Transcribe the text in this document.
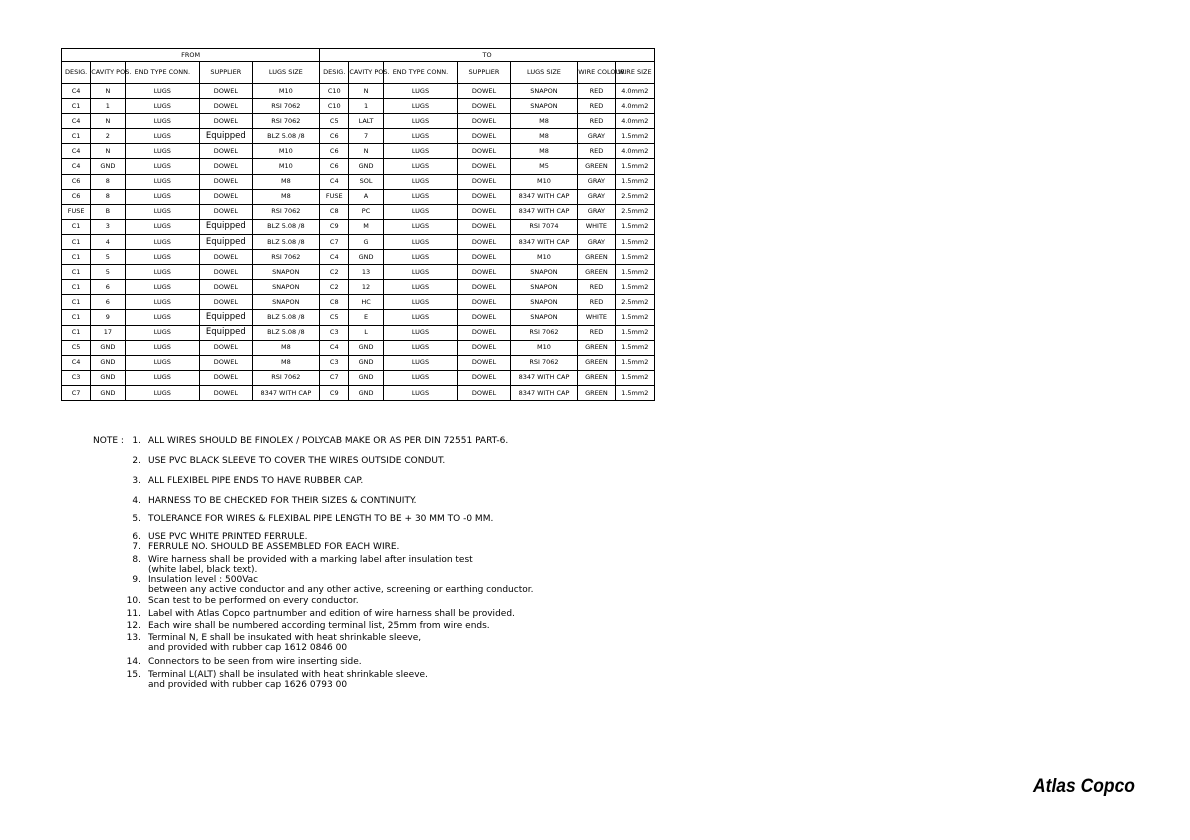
FROM					TO						
DESIG.	CAVITY POS.	END TYPE CONN.	SUPPLIER	LUGS SIZE	DESIG.	CAVITY POS.	END TYPE CONN.	SUPPLIER	LUGS SIZE	WIRE COLOUR	WIRE SIZE
C4	N	LUGS	DOWEL	M10	C10	N	LUGS	DOWEL	SNAPON	RED	4.0mm2
C1	1	LUGS	DOWEL	RSI 7062	C10	1	LUGS	DOWEL	SNAPON	RED	4.0mm2
C4	N	LUGS	DOWEL	RSI 7062	C5	LALT	LUGS	DOWEL	M8	RED	4.0mm2
C1	2	LUGS	Equipped	BLZ 5.08 /8	C6	7	LUGS	DOWEL	M8	GRAY	1.5mm2
C4	N	LUGS	DOWEL	M10	C6	N	LUGS	DOWEL	M8	RED	4.0mm2
C4	GND	LUGS	DOWEL	M10	C6	GND	LUGS	DOWEL	M5	GREEN	1.5mm2
C6	8	LUGS	DOWEL	M8	C4	SOL	LUGS	DOWEL	M10	GRAY	1.5mm2
C6	8	LUGS	DOWEL	M8	FUSE	A	LUGS	DOWEL	8347 WITH CAP	GRAY	2.5mm2
FUSE	B	LUGS	DOWEL	RSI 7062	C8	PC	LUGS	DOWEL	8347 WITH CAP	GRAY	2.5mm2
C1	3	LUGS	Equipped	BLZ 5.08 /8	C9	M	LUGS	DOWEL	RSI 7074	WHITE	1.5mm2
C1	4	LUGS	Equipped	BLZ 5.08 /8	C7	G	LUGS	DOWEL	8347 WITH CAP	GRAY	1.5mm2
C1	5	LUGS	DOWEL	RSI 7062	C4	GND	LUGS	DOWEL	M10	GREEN	1.5mm2
C1	5	LUGS	DOWEL	SNAPON	C2	13	LUGS	DOWEL	SNAPON	GREEN	1.5mm2
C1	6	LUGS	DOWEL	SNAPON	C2	12	LUGS	DOWEL	SNAPON	RED	1.5mm2
C1	6	LUGS	DOWEL	SNAPON	C8	HC	LUGS	DOWEL	SNAPON	RED	2.5mm2
C1	9	LUGS	Equipped	BLZ 5.08 /8	C5	E	LUGS	DOWEL	SNAPON	WHITE	1.5mm2
C1	17	LUGS	Equipped	BLZ 5.08 /8	C3	L	LUGS	DOWEL	RSI 7062	RED	1.5mm2
C5	GND	LUGS	DOWEL	M8	C4	GND	LUGS	DOWEL	M10	GREEN	1.5mm2
C4	GND	LUGS	DOWEL	M8	C3	GND	LUGS	DOWEL	RSI 7062	GREEN	1.5mm2
C3	GND	LUGS	DOWEL	RSI 7062	C7	GND	LUGS	DOWEL	8347 WITH CAP	GREEN	1.5mm2
C7	GND	LUGS	DOWEL	8347 WITH CAP	C9	GND	LUGS	DOWEL	8347 WITH CAP	GREEN	1.5mm2
NOTE : 1. ALL WIRES SHOULD BE FINOLEX / POLYCAB MAKE OR AS PER DIN 72551 PART-6.
2. USE PVC BLACK SLEEVE TO COVER THE WIRES OUTSIDE CONDUT.
3. ALL FLEXIBEL PIPE ENDS TO HAVE RUBBER CAP.
4. HARNESS TO BE CHECKED FOR THEIR SIZES & CONTINUITY.
5. TOLERANCE FOR WIRES & FLEXIBAL PIPE LENGTH TO BE + 30 MM TO -0 MM.
6. USE PVC WHITE PRINTED FERRULE.
7. FERRULE NO. SHOULD BE ASSEMBLED FOR EACH WIRE.
8. Wire harness shall be provided with a marking label after insulation test
(white label, black text).
9. Insulation level : 500Vac
between any active conductor and any other active, screening or earthing conductor.
10. Scan test to be performed on every conductor.
11. Label with Atlas Copco partnumber and edition of wire harness shall be provided.
12. Each wire shall be numbered according terminal list, 25mm from wire ends.
13. Terminal N, E shall be insukated with heat shrinkable sleeve,
and provided with rubber cap 1612 0846 00
14. Connectors to be seen from wire inserting side.
15. Terminal L(ALT) shall be insulated with heat shrinkable sleeve.
and provided with rubber cap 1626 0793 00
Atlas Copco
